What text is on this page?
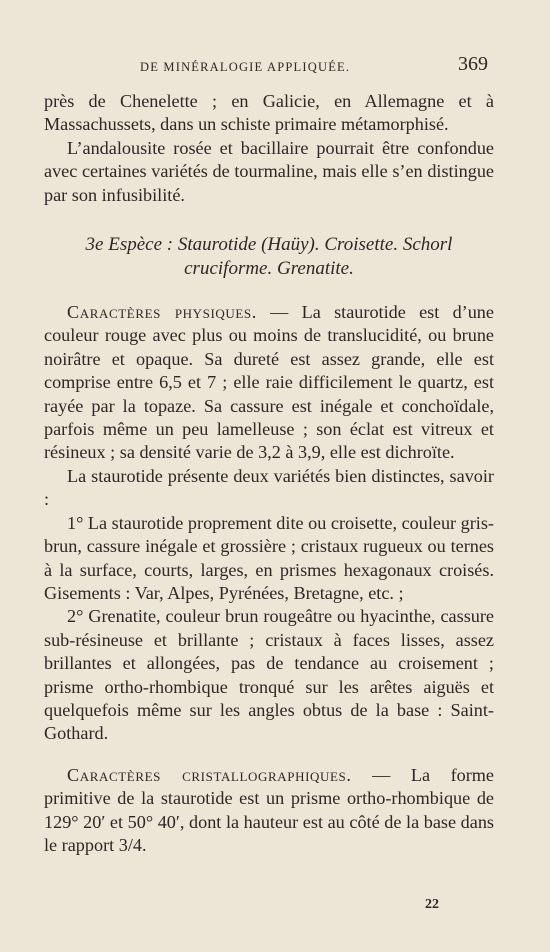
DE MINÉRALOGIE APPLIQUÉE.	369

près de Chenelette ; en Galicie, en Allemagne et à Massachussets, dans un schiste primaire métamorphisé.

L’andalousite rosée et bacillaire pourrait être confondue avec certaines variétés de tourmaline, mais elle s’en distingue par son infusibilité.

3e Espèce : Staurotide (Haüy). Croisette. Schorl cruciforme. Grenatite.

Caractères physiques. — La staurotide est d’une couleur rouge avec plus ou moins de translucidité, ou brune noirâtre et opaque. Sa dureté est assez grande, elle est comprise entre 6,5 et 7 ; elle raie difficilement le quartz, est rayée par la topaze. Sa cassure est inégale et conchoïdale, parfois même un peu lamelleuse ; son éclat est vitreux et résineux ; sa densité varie de 3,2 à 3,9, elle est dichroïte.

La staurotide présente deux variétés bien distinctes, savoir :

1° La staurotide proprement dite ou croisette, couleur gris-brun, cassure inégale et grossière ; cristaux rugueux ou ternes à la surface, courts, larges, en prismes hexagonaux croisés. Gisements : Var, Alpes, Pyrénées, Bretagne, etc. ;

2° Grenatite, couleur brun rougeâtre ou hyacinthe, cassure sub-résineuse et brillante ; cristaux à faces lisses, assez brillantes et allongées, pas de tendance au croisement ; prisme ortho-rhombique tronqué sur les arêtes aiguës et quelquefois même sur les angles obtus de la base : Saint-Gothard.

Caractères cristallographiques. — La forme primitive de la staurotide est un prisme ortho-rhombique de 129° 20′ et 50° 40′, dont la hauteur est au côté de la base dans le rapport 3/4.

22
